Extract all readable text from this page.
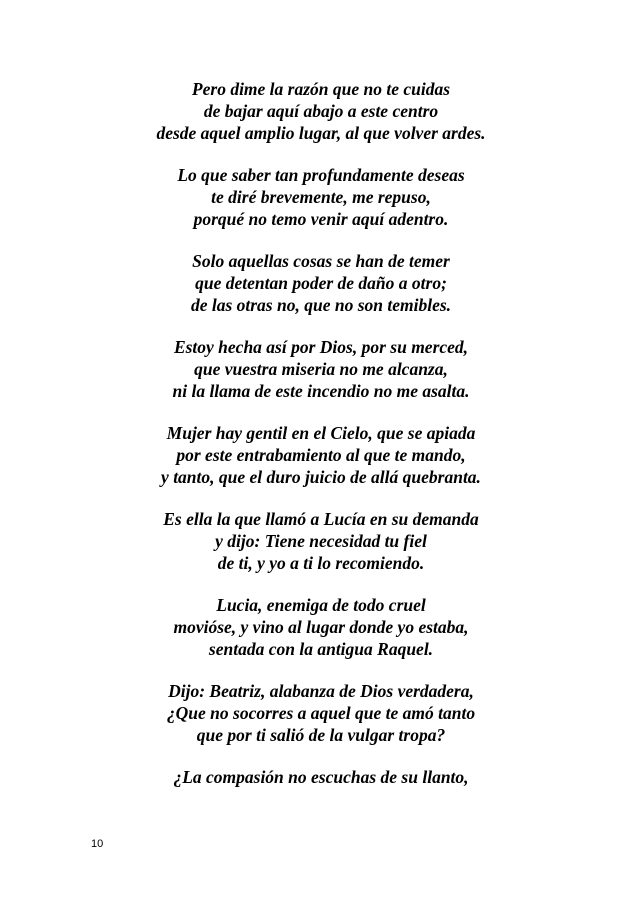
Pero dime la razón que no te cuidas
de bajar aquí abajo a este centro
desde aquel amplio lugar, al que volver ardes.
Lo que saber tan profundamente deseas
te diré brevemente, me repuso,
porqué no temo venir aquí adentro.
Solo aquellas cosas se han de temer
que detentan poder de daño a otro;
de las otras no, que no son temibles.
Estoy hecha así por Dios, por su merced,
que vuestra miseria no me alcanza,
ni la llama de este incendio no me asalta.
Mujer hay gentil en el Cielo, que se apiada
por este entrabamiento al que te mando,
y tanto, que el duro juicio de allá quebranta.
Es ella la que llamó a Lucía en su demanda
y dijo: Tiene necesidad tu fiel
de ti, y yo a ti lo recomiendo.
Lucia, enemiga de todo cruel
movióse, y vino al lugar donde yo estaba,
sentada con la antigua Raquel.
Dijo: Beatriz, alabanza de Dios verdadera,
¿Que no socorres a aquel que te amó tanto
que por ti salió de la vulgar tropa?
¿La compasión no escuchas de su llanto,
10
